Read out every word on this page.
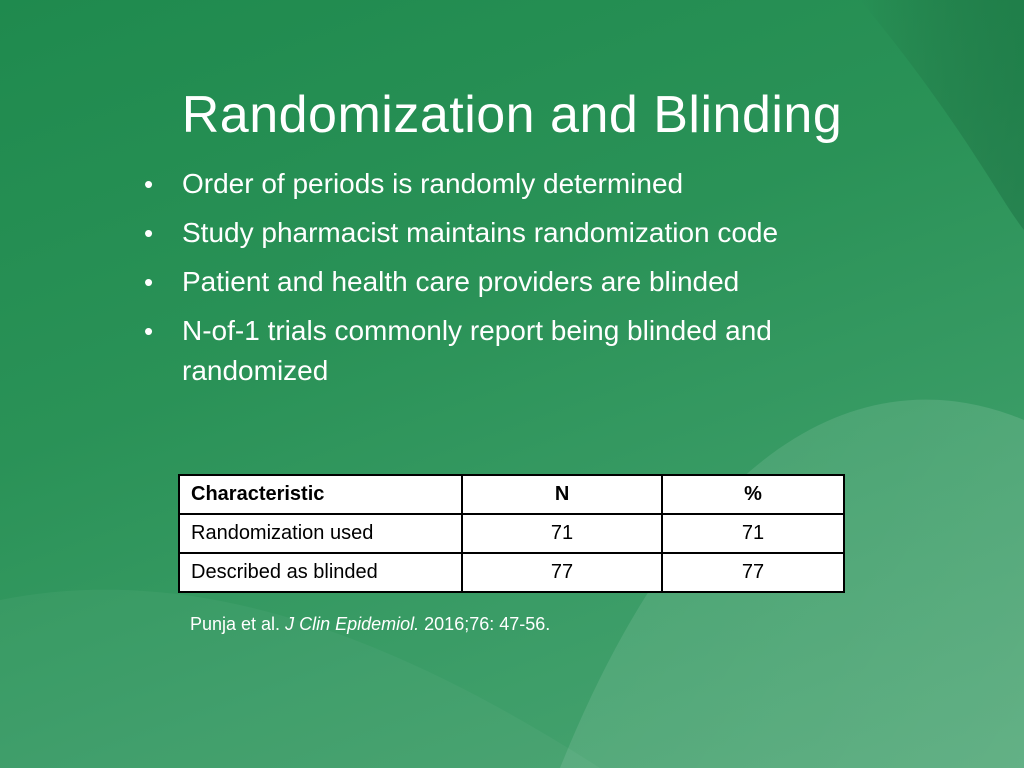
Randomization and Blinding
• Order of periods is randomly determined
• Study pharmacist maintains randomization code
• Patient and health care providers are blinded
• N-of-1 trials commonly report being blinded and randomized
Characteristic	N	%
Randomization used	71	71
Described as blinded	77	77
Punja et al. J Clin Epidemiol. 2016;76: 47-56.
